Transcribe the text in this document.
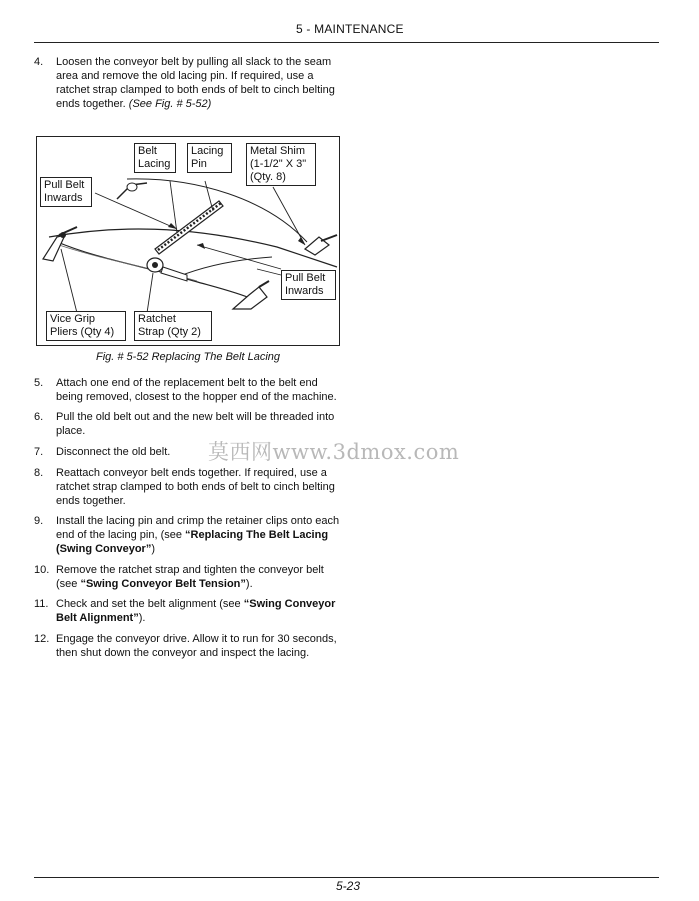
5 - MAINTENANCE
4. Loosen the conveyor belt by pulling all slack to the seam area and remove the old lacing pin. If required, use a ratchet strap clamped to both ends of belt to cinch belting ends together. (See Fig. # 5-52)
Pull Belt
Inwards
Belt
Lacing
Lacing
Pin
Metal Shim
(1-1/2" X 3"
(Qty. 8)
Pull Belt
Inwards
Vice Grip
Pliers (Qty 4)
Ratchet
Strap (Qty 2)
Fig. # 5-52 Replacing The Belt Lacing
5. Attach one end of the replacement belt to the belt end being removed, closest to the hopper end of the machine.
6. Pull the old belt out and the new belt will be threaded into place.
7. Disconnect the old belt.
8. Reattach conveyor belt ends together. If required, use a ratchet strap clamped to both ends of belt to cinch belting ends together.
9. Install the lacing pin and crimp the retainer clips onto each end of the lacing pin, (see “Replacing The Belt Lacing (Swing Conveyor”)
10. Remove the ratchet strap and tighten the conveyor belt (see “Swing Conveyor Belt Tension”).
11. Check and set the belt alignment (see “Swing Conveyor Belt Alignment”).
12. Engage the conveyor drive. Allow it to run for 30 seconds, then shut down the conveyor and inspect the lacing.
莫西网www.3dmox.com
5-23
